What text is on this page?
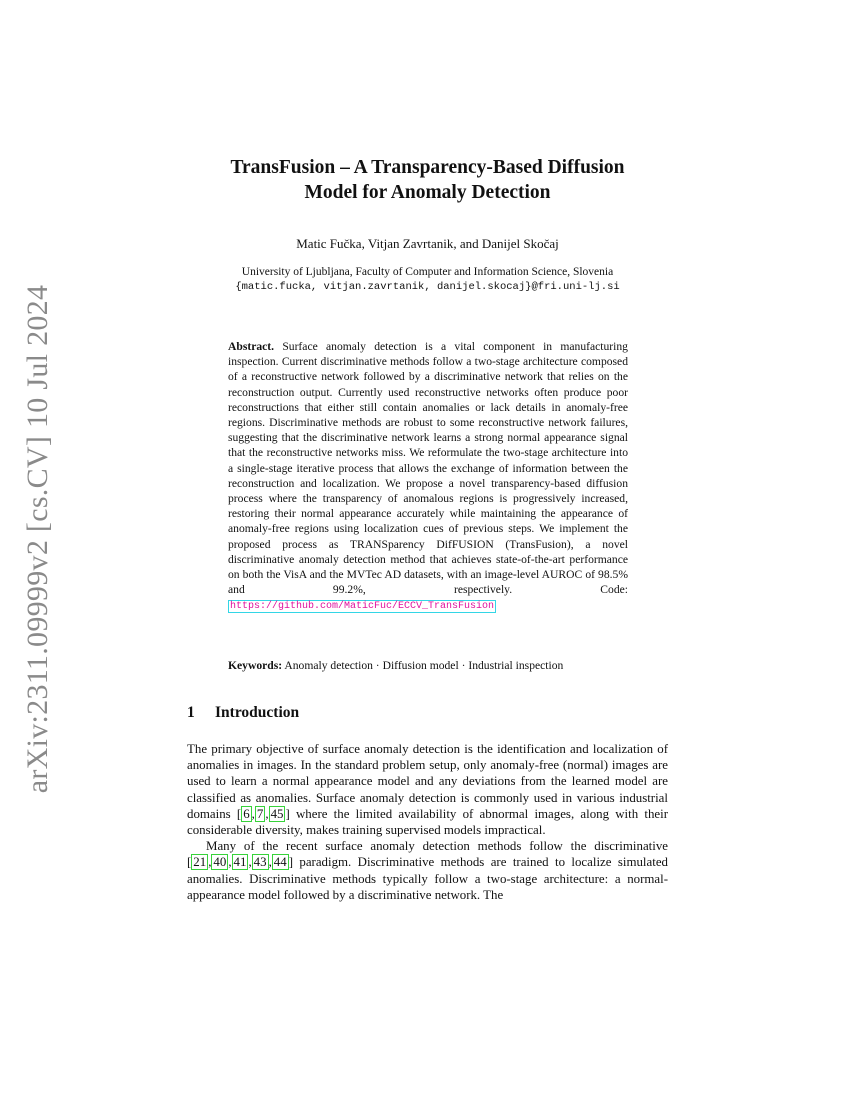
arXiv:2311.09999v2 [cs.CV] 10 Jul 2024
TransFusion – A Transparency-Based Diffusion
Model for Anomaly Detection
Matic Fučka, Vitjan Zavrtanik, and Danijel Skočaj
University of Ljubljana, Faculty of Computer and Information Science, Slovenia
{matic.fucka, vitjan.zavrtanik, danijel.skocaj}@fri.uni-lj.si
Abstract. Surface anomaly detection is a vital component in manufacturing inspection. Current discriminative methods follow a two-stage architecture composed of a reconstructive network followed by a discriminative network that relies on the reconstruction output. Currently used reconstructive networks often produce poor reconstructions that either still contain anomalies or lack details in anomaly-free regions. Discriminative methods are robust to some reconstructive network failures, suggesting that the discriminative network learns a strong normal appearance signal that the reconstructive networks miss. We reformulate the two-stage architecture into a single-stage iterative process that allows the exchange of information between the reconstruction and localization. We propose a novel transparency-based diffusion process where the transparency of anomalous regions is progressively increased, restoring their normal appearance accurately while maintaining the appearance of anomaly-free regions using localization cues of previous steps. We implement the proposed process as TRANSparency DifFUSION (TransFusion), a novel discriminative anomaly detection method that achieves state-of-the-art performance on both the VisA and the MVTec AD datasets, with an image-level AUROC of 98.5% and 99.2%, respectively. Code: https://github.com/MaticFuc/ECCV_TransFusion
Keywords: Anomaly detection · Diffusion model · Industrial inspection
1 Introduction

The primary objective of surface anomaly detection is the identification and localization of anomalies in images. In the standard problem setup, only anomaly-free (normal) images are used to learn a normal appearance model and any deviations from the learned model are classified as anomalies. Surface anomaly detection is commonly used in various industrial domains [ 6 , 7 , 45 ] where the limited availability of abnormal images, along with their considerable diversity, makes training supervised models impractical.

Many of the recent surface anomaly detection methods follow the discriminative [ 21 , 40 , 41 , 43 , 44 ] paradigm. Discriminative methods are trained to localize simulated anomalies. Discriminative methods typically follow a two-stage architecture: a normal-appearance model followed by a discriminative network. The
